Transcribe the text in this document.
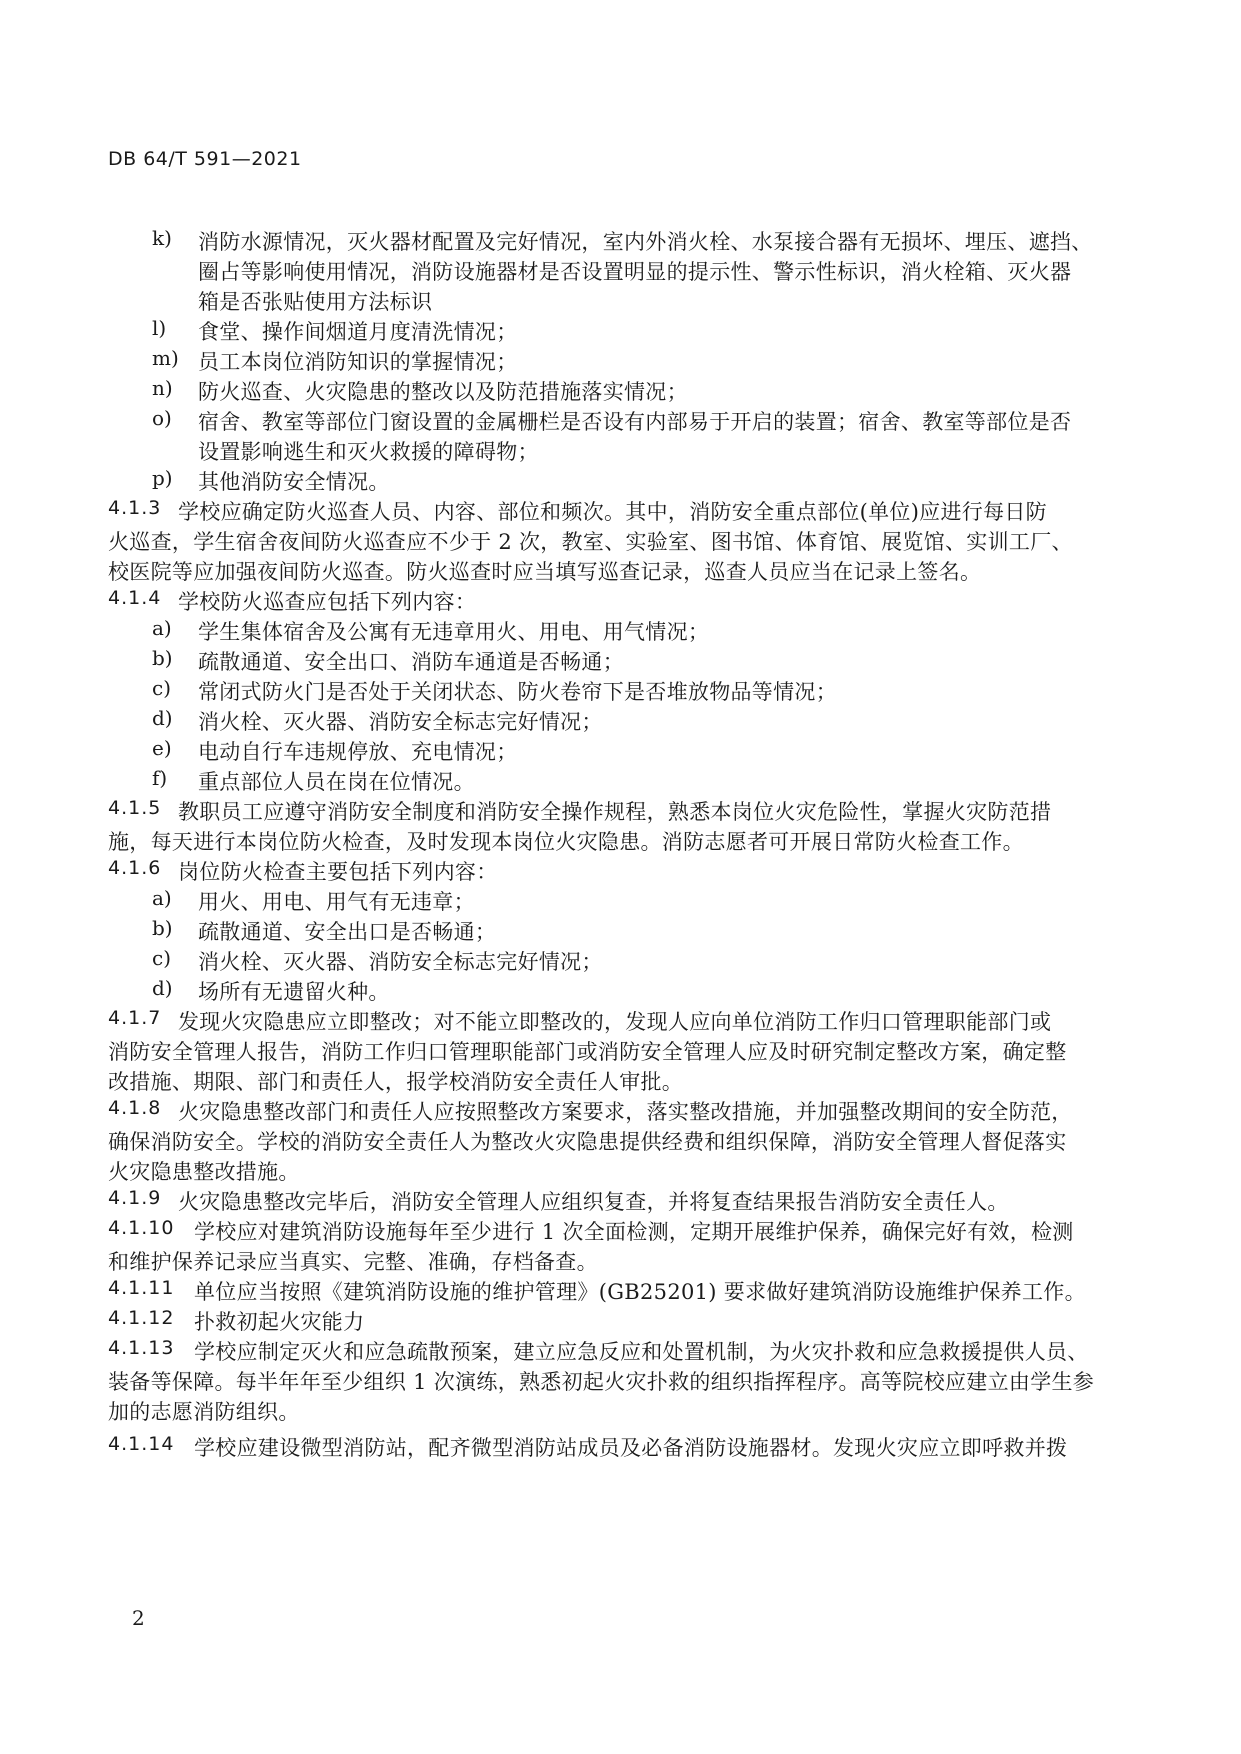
DB 64/T 591—2021
k) 消防水源情况，灭火器材配置及完好情况，室内外消火栓、水泵接合器有无损坏、埋压、遮挡、
圈占等影响使用情况，消防设施器材是否设置明显的提示性、警示性标识，消火栓箱、灭火器
箱是否张贴使用方法标识
l) 食堂、操作间烟道月度清洗情况；
m) 员工本岗位消防知识的掌握情况；
n) 防火巡查、火灾隐患的整改以及防范措施落实情况；
o) 宿舍、教室等部位门窗设置的金属栅栏是否设有内部易于开启的装置；宿舍、教室等部位是否
设置影响逃生和灭火救援的障碍物；
p) 其他消防安全情况。
4.1.3 学校应确定防火巡查人员、内容、部位和频次。其中，消防安全重点部位(单位)应进行每日防
火巡查，学生宿舍夜间防火巡查应不少于 2 次，教室、实验室、图书馆、体育馆、展览馆、实训工厂、
校医院等应加强夜间防火巡查。防火巡查时应当填写巡查记录，巡查人员应当在记录上签名。
4.1.4 学校防火巡查应包括下列内容：
a) 学生集体宿舍及公寓有无违章用火、用电、用气情况；
b) 疏散通道、安全出口、消防车通道是否畅通；
c) 常闭式防火门是否处于关闭状态、防火卷帘下是否堆放物品等情况；
d) 消火栓、灭火器、消防安全标志完好情况；
e) 电动自行车违规停放、充电情况；
f) 重点部位人员在岗在位情况。
4.1.5 教职员工应遵守消防安全制度和消防安全操作规程，熟悉本岗位火灾危险性，掌握火灾防范措
施，每天进行本岗位防火检查，及时发现本岗位火灾隐患。消防志愿者可开展日常防火检查工作。
4.1.6 岗位防火检查主要包括下列内容：
a) 用火、用电、用气有无违章；
b) 疏散通道、安全出口是否畅通；
c) 消火栓、灭火器、消防安全标志完好情况；
d) 场所有无遗留火种。
4.1.7 发现火灾隐患应立即整改；对不能立即整改的，发现人应向单位消防工作归口管理职能部门或
消防安全管理人报告，消防工作归口管理职能部门或消防安全管理人应及时研究制定整改方案，确定整
改措施、期限、部门和责任人，报学校消防安全责任人审批。
4.1.8 火灾隐患整改部门和责任人应按照整改方案要求，落实整改措施，并加强整改期间的安全防范，
确保消防安全。学校的消防安全责任人为整改火灾隐患提供经费和组织保障，消防安全管理人督促落实
火灾隐患整改措施。
4.1.9 火灾隐患整改完毕后，消防安全管理人应组织复查，并将复查结果报告消防安全责任人。
4.1.10 学校应对建筑消防设施每年至少进行 1 次全面检测，定期开展维护保养，确保完好有效，检测
和维护保养记录应当真实、完整、准确，存档备查。
4.1.11 单位应当按照《建筑消防设施的维护管理》(GB25201) 要求做好建筑消防设施维护保养工作。
4.1.12 扑救初起火灾能力
4.1.13 学校应制定灭火和应急疏散预案，建立应急反应和处置机制，为火灾扑救和应急救援提供人员、
装备等保障。每半年年至少组织 1 次演练，熟悉初起火灾扑救的组织指挥程序。高等院校应建立由学生参
加的志愿消防组织。
4.1.14 学校应建设微型消防站，配齐微型消防站成员及必备消防设施器材。发现火灾应立即呼救并拨
2
